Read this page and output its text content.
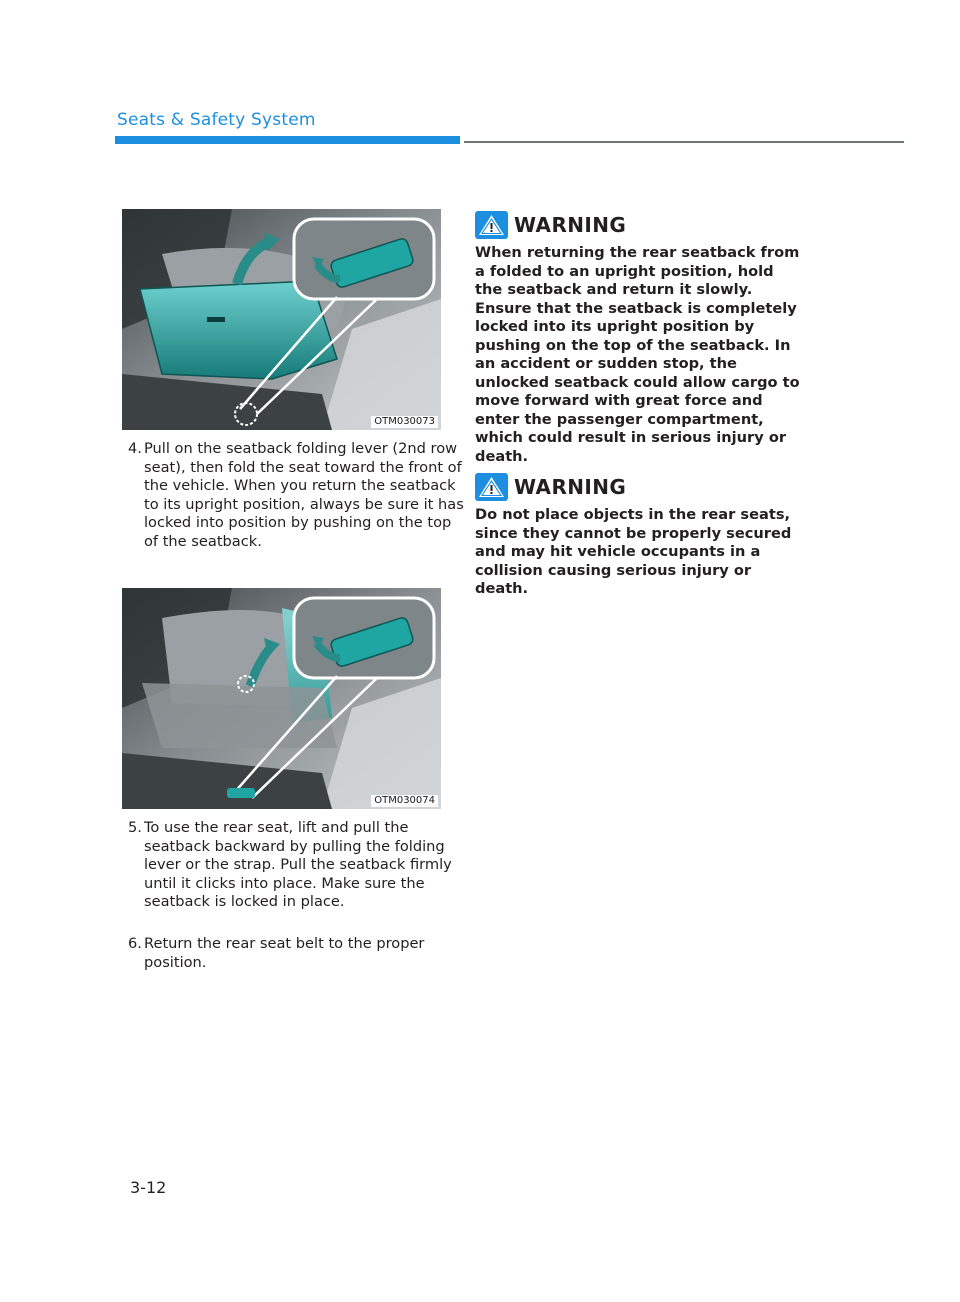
Seats & Safety System
OTM030073
4. Pull on the seatback folding lever (2nd row seat), then fold the seat toward the front of the vehicle. When you return the seatback to its upright position, always be sure it has locked into position by pushing on the top of the seatback.
OTM030074
5. To use the rear seat, lift and pull the seatback backward by pulling the folding lever or the strap. Pull the seatback firmly until it clicks into place. Make sure the seatback is locked in place.
6. Return the rear seat belt to the proper position.
WARNING
When returning the rear seatback from a folded to an upright position, hold the seatback and return it slowly. Ensure that the seatback is completely locked into its upright position by pushing on the top of the seatback. In an accident or sudden stop, the unlocked seatback could allow cargo to move forward with great force and enter the passenger compartment, which could result in serious injury or death.
WARNING
Do not place objects in the rear seats, since they cannot be properly secured and may hit vehicle occupants in a collision causing serious injury or death.
3-12
